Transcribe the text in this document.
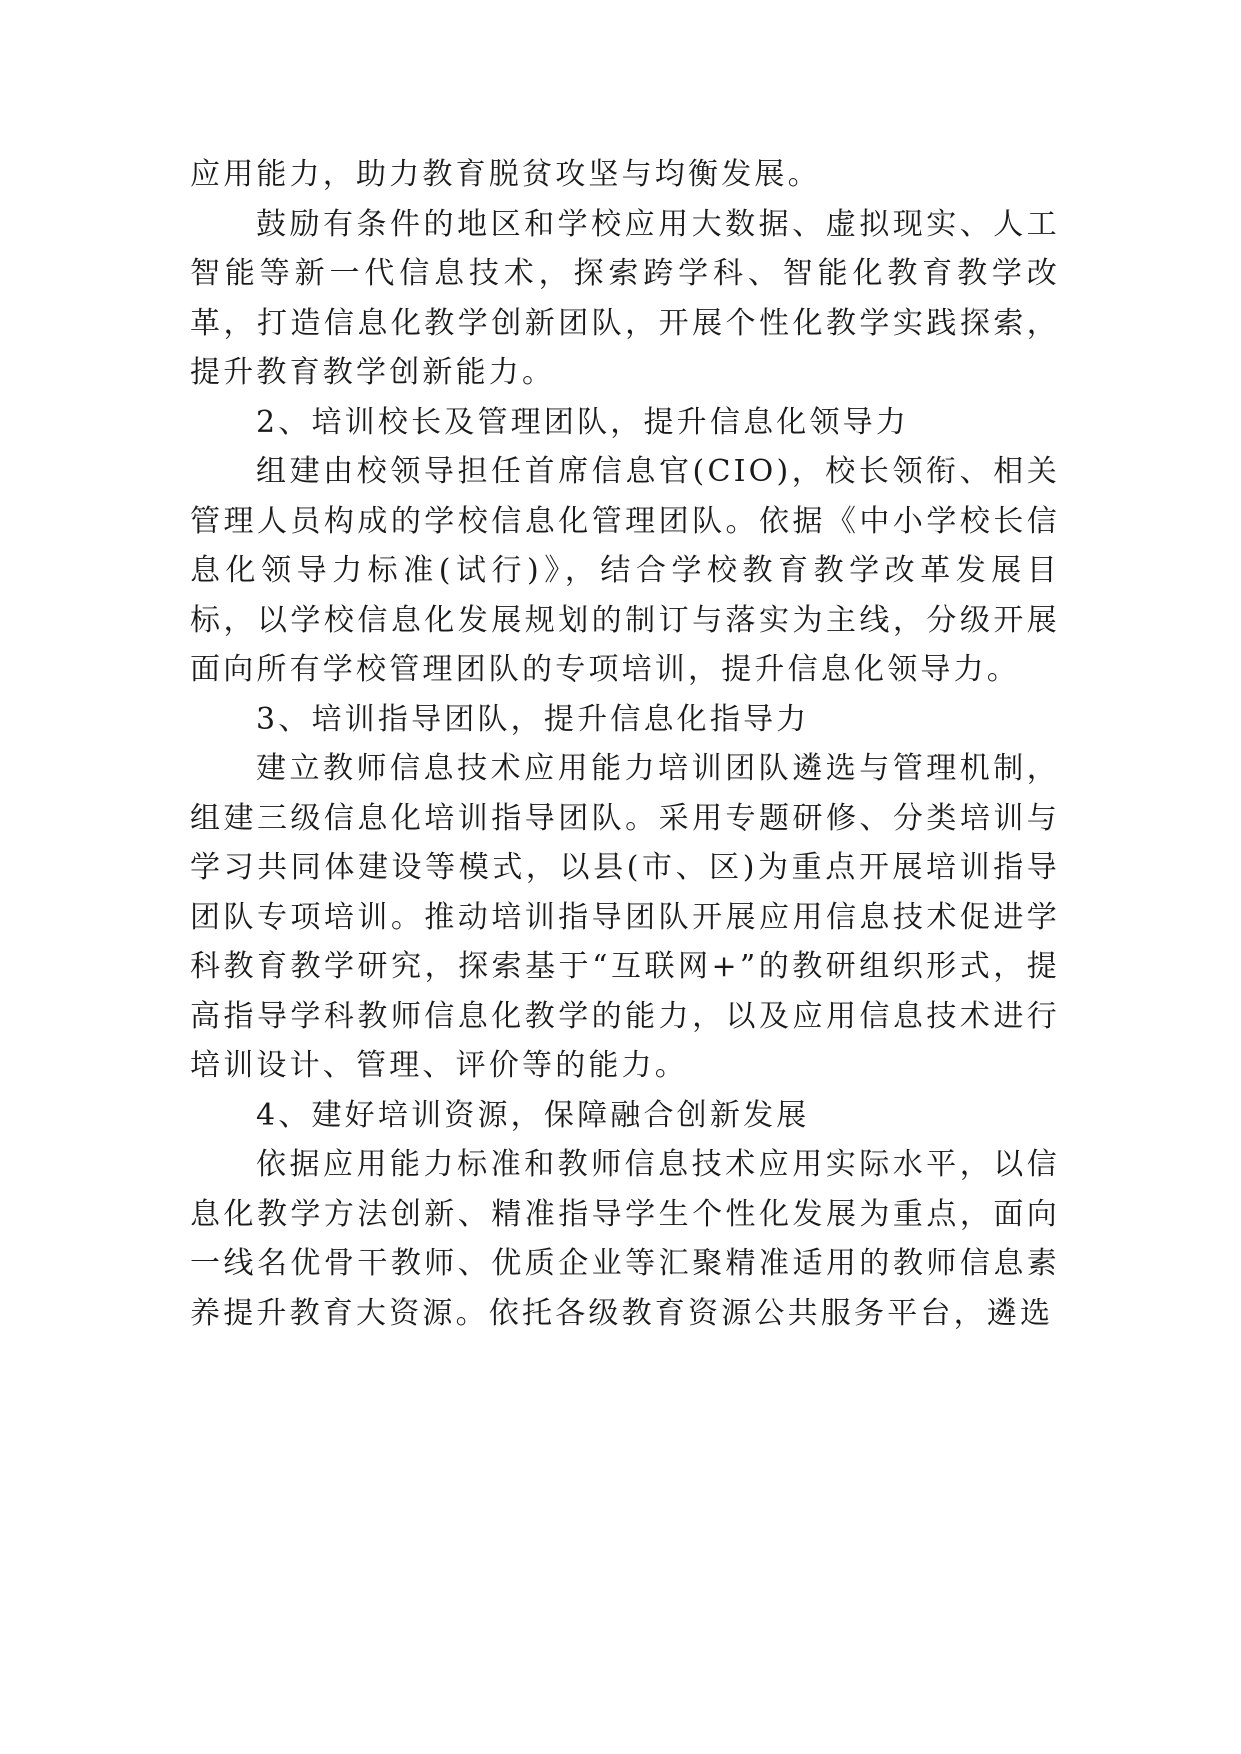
应用能力，助力教育脱贫攻坚与均衡发展。

鼓励有条件的地区和学校应用大数据、虚拟现实、人工智能等新一代信息技术，探索跨学科、智能化教育教学改革，打造信息化教学创新团队，开展个性化教学实践探索，提升教育教学创新能力。

2、培训校长及管理团队，提升信息化领导力

组建由校领导担任首席信息官(CIO)，校长领衔、相关管理人员构成的学校信息化管理团队。依据《中小学校长信息化领导力标准(试行)》，结合学校教育教学改革发展目标，以学校信息化发展规划的制订与落实为主线，分级开展面向所有学校管理团队的专项培训，提升信息化领导力。

3、培训指导团队，提升信息化指导力

建立教师信息技术应用能力培训团队遴选与管理机制，组建三级信息化培训指导团队。采用专题研修、分类培训与学习共同体建设等模式，以县(市、区)为重点开展培训指导团队专项培训。推动培训指导团队开展应用信息技术促进学科教育教学研究，探索基于“互联网+”的教研组织形式，提高指导学科教师信息化教学的能力，以及应用信息技术进行培训设计、管理、评价等的能力。

4、建好培训资源，保障融合创新发展

依据应用能力标准和教师信息技术应用实际水平，以信息化教学方法创新、精准指导学生个性化发展为重点，面向一线名优骨干教师、优质企业等汇聚精准适用的教师信息素养提升教育大资源。依托各级教育资源公共服务平台，遴选
